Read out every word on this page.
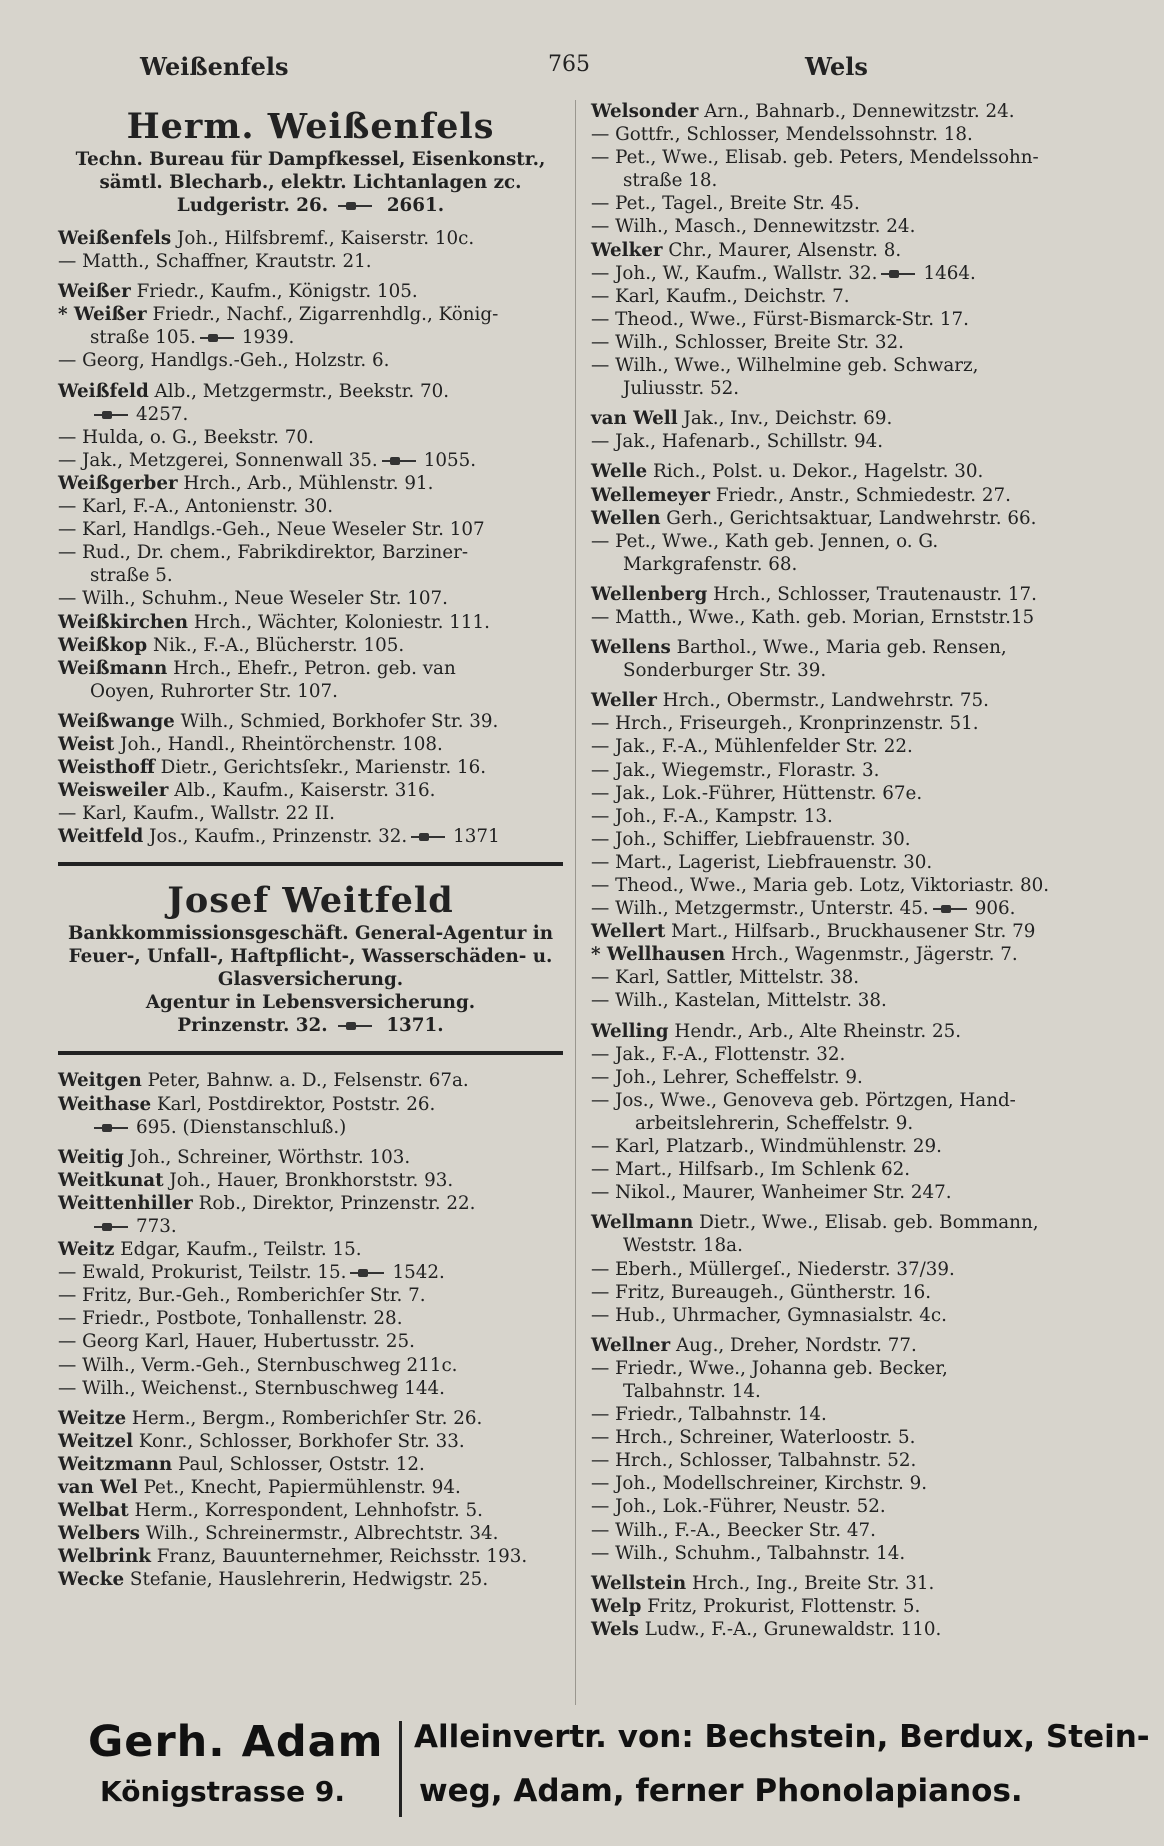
Weißenfels	765	Wels
Herm. Weißenfels
Techn. Bureau für Dampfkessel, Eisenkonstr.,
sämtl. Blecharb., elektr. Lichtanlagen zc.
Ludgeristr. 26.	2661.
Weißenfels Joh., Hilfsbremf., Kaiserstr. 10c.
— Matth., Schaffner, Krautstr. 21.
Weißer Friedr., Kaufm., Königstr. 105.
* Weißer Friedr., Nachf., Zigarrenhdlg., König-
straße 105.	1939.
— Georg, Handlgs.-Geh., Holzstr. 6.
Weißfeld Alb., Metzgermstr., Beekstr. 70.
4257.
— Hulda, o. G., Beekstr. 70.
— Jak., Metzgerei, Sonnenwall 35.	1055.
Weißgerber Hrch., Arb., Mühlenstr. 91.
— Karl, F.-A., Antonienstr. 30.
— Karl, Handlgs.-Geh., Neue Weseler Str. 107
— Rud., Dr. chem., Fabrikdirektor, Barziner-
straße 5.
— Wilh., Schuhm., Neue Weseler Str. 107.
Weißkirchen Hrch., Wächter, Koloniestr. 111.
Weißkop Nik., F.-A., Blücherstr. 105.
Weißmann Hrch., Ehefr., Petron. geb. van
Ooyen, Ruhrorter Str. 107.
Weißwange Wilh., Schmied, Borkhofer Str. 39.
Weist Joh., Handl., Rheintörchenstr. 108.
Weisthoff Dietr., Gerichtsſekr., Marienstr. 16.
Weisweiler Alb., Kaufm., Kaiserstr. 316.
— Karl, Kaufm., Wallstr. 22 II.
Weitfeld Jos., Kaufm., Prinzenstr. 32.	1371
Josef Weitfeld
Bankkommissionsgeschäft. General-Agentur in
Feuer-, Unfall-, Haftpflicht-, Wasserschäden- u.
Glasversicherung.
Agentur in Lebensversicherung.
Prinzenstr. 32.	1371.
Weitgen Peter, Bahnw. a. D., Felsenstr. 67a.
Weithase Karl, Postdirektor, Poststr. 26.
695. (Dienstanschluß.)
Weitig Joh., Schreiner, Wörthstr. 103.
Weitkunat Joh., Hauer, Bronkhorststr. 93.
Weittenhiller Rob., Direktor, Prinzenstr. 22.
773.
Weitz Edgar, Kaufm., Teilstr. 15.
— Ewald, Prokurist, Teilstr. 15.	1542.
— Fritz, Bur.-Geh., Romberichſer Str. 7.
— Friedr., Postbote, Tonhallenstr. 28.
— Georg Karl, Hauer, Hubertusstr. 25.
— Wilh., Verm.-Geh., Sternbuschweg 211c.
— Wilh., Weichenst., Sternbuschweg 144.
Weitze Herm., Bergm., Romberichſer Str. 26.
Weitzel Konr., Schlosser, Borkhofer Str. 33.
Weitzmann Paul, Schlosser, Oststr. 12.
van Wel Pet., Knecht, Papiermühlenstr. 94.
Welbat Herm., Korrespondent, Lehnhofstr. 5.
Welbers Wilh., Schreinermstr., Albrechtstr. 34.
Welbrink Franz, Bauunternehmer, Reichsstr. 193.
Wecke Stefanie, Hauslehrerin, Hedwigstr. 25.
Welsonder Arn., Bahnarb., Dennewitzstr. 24.
— Gottfr., Schlosser, Mendelssohnstr. 18.
— Pet., Wwe., Elisab. geb. Peters, Mendelssohn-
straße 18.
— Pet., Tagel., Breite Str. 45.
— Wilh., Masch., Dennewitzstr. 24.
Welker Chr., Maurer, Alsenstr. 8.
— Joh., W., Kaufm., Wallstr. 32.	1464.
— Karl, Kaufm., Deichstr. 7.
— Theod., Wwe., Fürst-Bismarck-Str. 17.
— Wilh., Schlosser, Breite Str. 32.
— Wilh., Wwe., Wilhelmine geb. Schwarz,
Juliusstr. 52.
van Well Jak., Inv., Deichstr. 69.
— Jak., Hafenarb., Schillstr. 94.
Welle Rich., Polst. u. Dekor., Hagelstr. 30.
Wellemeyer Friedr., Anstr., Schmiedestr. 27.
Wellen Gerh., Gerichtsaktuar, Landwehrstr. 66.
— Pet., Wwe., Kath geb. Jennen, o. G.
Markgrafenstr. 68.
Wellenberg Hrch., Schlosser, Trautenaustr. 17.
— Matth., Wwe., Kath. geb. Morian, Ernststr.15
Wellens Barthol., Wwe., Maria geb. Rensen,
Sonderburger Str. 39.
Weller Hrch., Obermstr., Landwehrstr. 75.
— Hrch., Friseurgeh., Kronprinzenstr. 51.
— Jak., F.-A., Mühlenfelder Str. 22.
— Jak., Wiegemstr., Florastr. 3.
— Jak., Lok.-Führer, Hüttenstr. 67e.
— Joh., F.-A., Kampstr. 13.
— Joh., Schiffer, Liebfrauenstr. 30.
— Mart., Lagerist, Liebfrauenstr. 30.
— Theod., Wwe., Maria geb. Lotz, Viktoriastr. 80.
— Wilh., Metzgermstr., Unterstr. 45.	906.
Wellert Mart., Hilfsarb., Bruckhausener Str. 79
* Wellhausen Hrch., Wagenmstr., Jägerstr. 7.
— Karl, Sattler, Mittelstr. 38.
— Wilh., Kastelan, Mittelstr. 38.
Welling Hendr., Arb., Alte Rheinstr. 25.
— Jak., F.-A., Flottenstr. 32.
— Joh., Lehrer, Scheffelstr. 9.
— Jos., Wwe., Genoveva geb. Pörtzgen, Hand-
arbeitslehrerin, Scheffelstr. 9.
— Karl, Platzarb., Windmühlenstr. 29.
— Mart., Hilfsarb., Im Schlenk 62.
— Nikol., Maurer, Wanheimer Str. 247.
Wellmann Dietr., Wwe., Elisab. geb. Bommann,
Weststr. 18a.
— Eberh., Müllergeſ., Niederstr. 37/39.
— Fritz, Bureaugeh., Güntherstr. 16.
— Hub., Uhrmacher, Gymnasialstr. 4c.
Wellner Aug., Dreher, Nordstr. 77.
— Friedr., Wwe., Johanna geb. Becker,
Talbahnstr. 14.
— Friedr., Talbahnstr. 14.
— Hrch., Schreiner, Waterloostr. 5.
— Hrch., Schlosser, Talbahnstr. 52.
— Joh., Modellschreiner, Kirchstr. 9.
— Joh., Lok.-Führer, Neustr. 52.
— Wilh., F.-A., Beecker Str. 47.
— Wilh., Schuhm., Talbahnstr. 14.
Wellstein Hrch., Ing., Breite Str. 31.
Welp Fritz, Prokurist, Flottenstr. 5.
Wels Ludw., F.-A., Grunewaldstr. 110.
Gerh. Adam
Königstrasse 9.
Alleinvertr. von: Bechstein, Berdux, Stein-
weg, Adam, ferner Phonolapianos.
